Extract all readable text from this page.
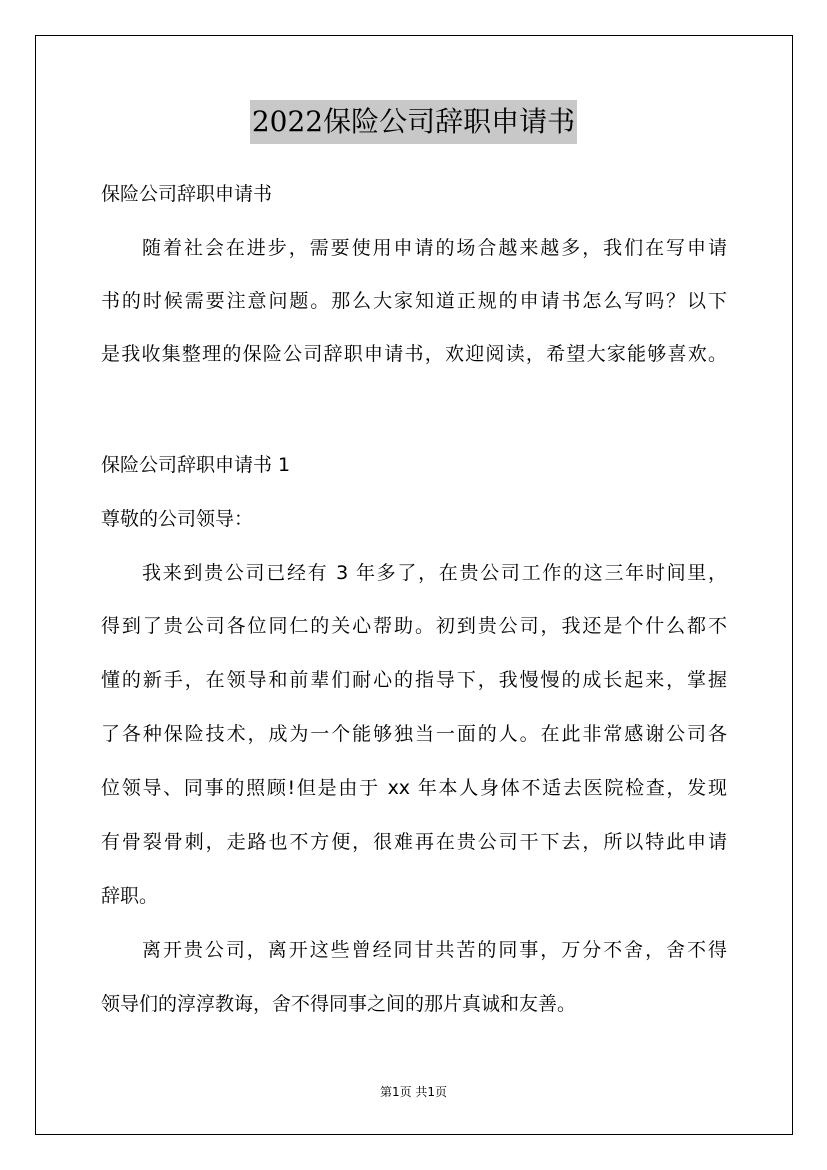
2022保险公司辞职申请书
保险公司辞职申请书
随着社会在进步，需要使用申请的场合越来越多，我们在写申请
书的时候需要注意问题。那么大家知道正规的申请书怎么写吗？以下
是我收集整理的保险公司辞职申请书，欢迎阅读，希望大家能够喜欢。
保险公司辞职申请书 1
尊敬的公司领导：
我来到贵公司已经有 3 年多了，在贵公司工作的这三年时间里，
得到了贵公司各位同仁的关心帮助。初到贵公司，我还是个什么都不
懂的新手，在领导和前辈们耐心的指导下，我慢慢的成长起来，掌握
了各种保险技术，成为一个能够独当一面的人。在此非常感谢公司各
位领导、同事的照顾!但是由于 xx 年本人身体不适去医院检查，发现
有骨裂骨刺，走路也不方便，很难再在贵公司干下去，所以特此申请
辞职。
离开贵公司，离开这些曾经同甘共苦的同事，万分不舍，舍不得
领导们的淳淳教诲，舍不得同事之间的那片真诚和友善。
第1页 共1页
